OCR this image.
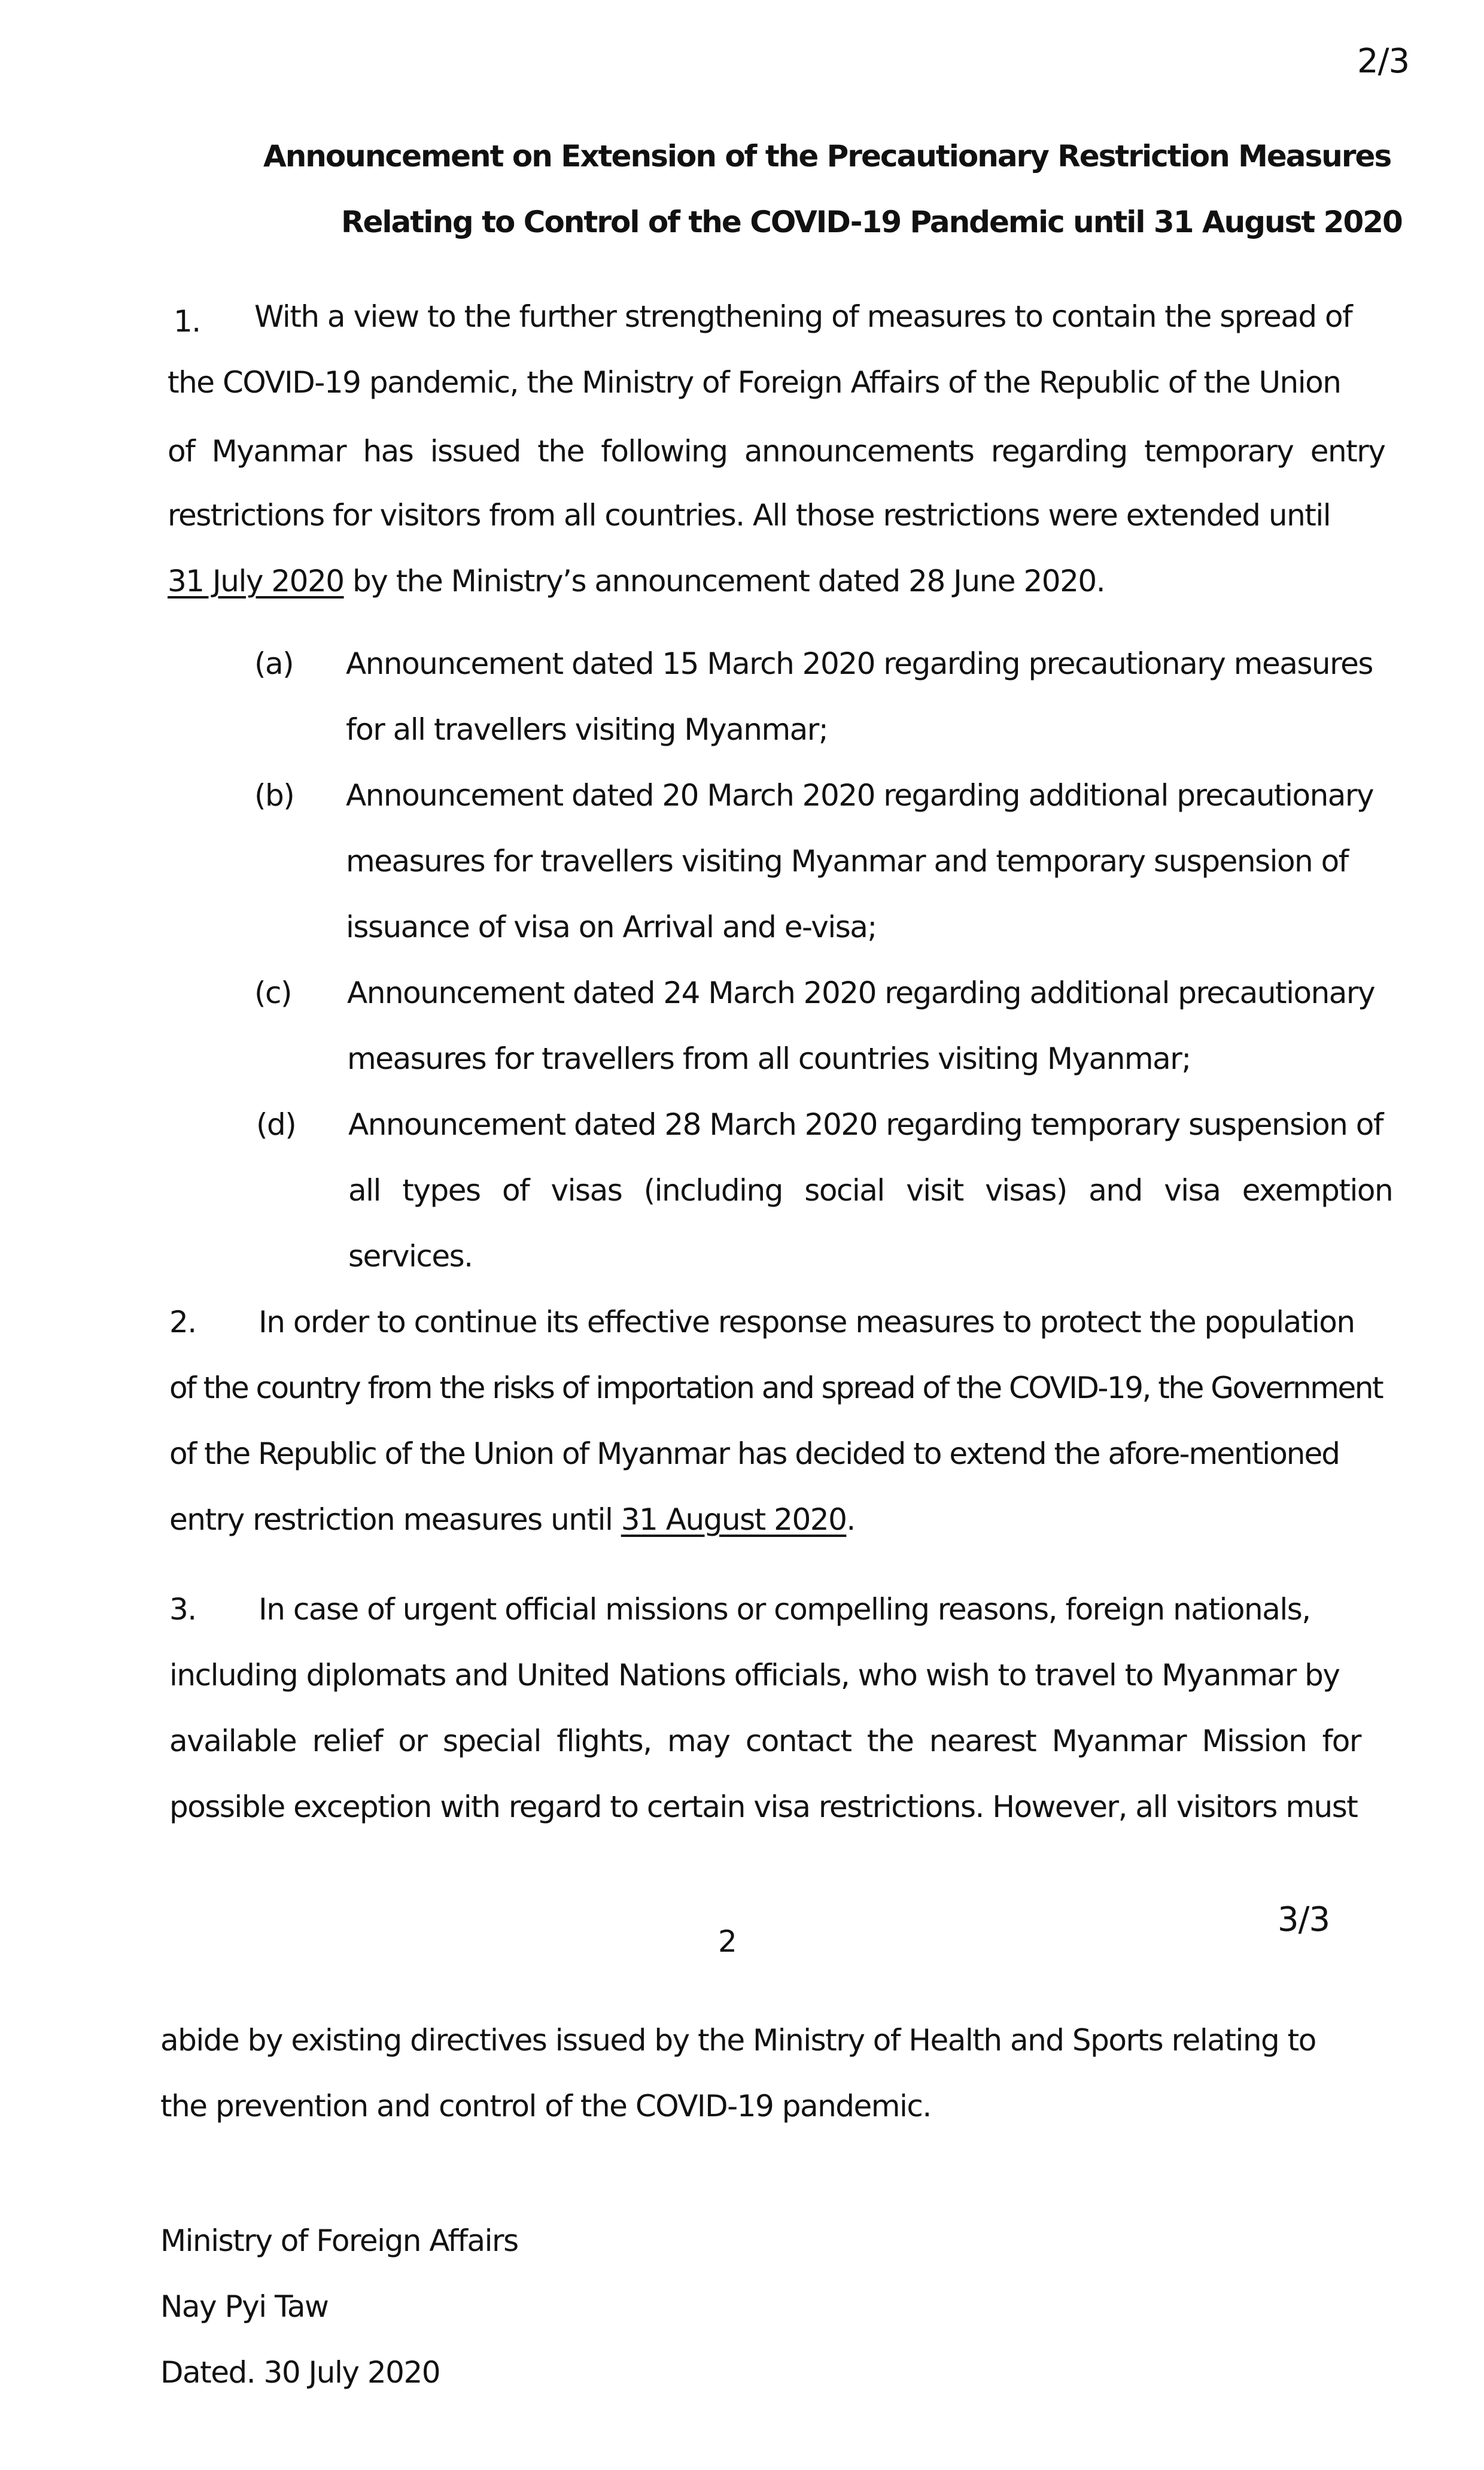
2/3
Announcement on Extension of the Precautionary Restriction Measures
Relating to Control of the COVID-19 Pandemic until 31 August 2020
1. With a view to the further strengthening of measures to contain the spread of
the COVID-19 pandemic, the Ministry of Foreign Affairs of the Republic of the Union
of Myanmar has issued the following announcements regarding temporary entry
restrictions for visitors from all countries. All those restrictions were extended until
31 July 2020 by the Ministry’s announcement dated 28 June 2020.
(a) Announcement dated 15 March 2020 regarding precautionary measures
for all travellers visiting Myanmar;
(b) Announcement dated 20 March 2020 regarding additional precautionary
measures for travellers visiting Myanmar and temporary suspension of
issuance of visa on Arrival and e-visa;
(c) Announcement dated 24 March 2020 regarding additional precautionary
measures for travellers from all countries visiting Myanmar;
(d) Announcement dated 28 March 2020 regarding temporary suspension of
all types of visas (including social visit visas) and visa exemption
services.
2. In order to continue its effective response measures to protect the population
of the country from the risks of importation and spread of the COVID-19, the Government
of the Republic of the Union of Myanmar has decided to extend the afore-mentioned
entry restriction measures until 31 August 2020.
3. In case of urgent official missions or compelling reasons, foreign nationals,
including diplomats and United Nations officials, who wish to travel to Myanmar by
available relief or special flights, may contact the nearest Myanmar Mission for
possible exception with regard to certain visa restrictions. However, all visitors must
2
3/3
abide by existing directives issued by the Ministry of Health and Sports relating to
the prevention and control of the COVID-19 pandemic.
Ministry of Foreign Affairs
Nay Pyi Taw
Dated. 30 July 2020
